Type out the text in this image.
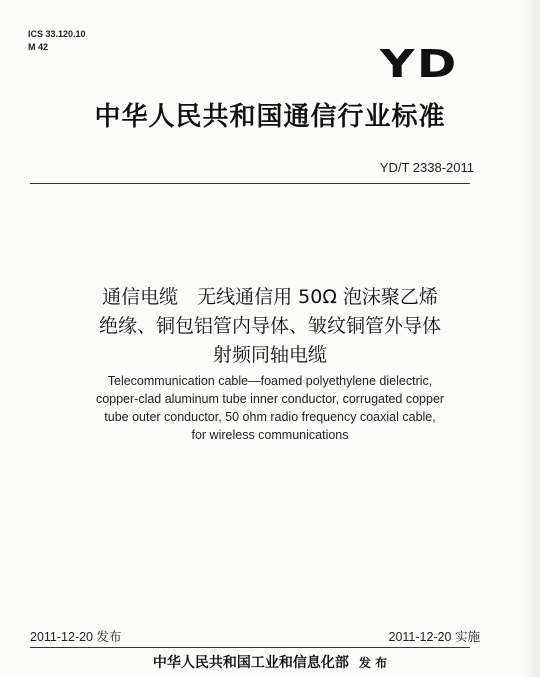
ICS 33.120.10
M 42	YD
中华人民共和国通信行业标准
YD/T 2338-2011
通信电缆　无线通信用 50Ω 泡沫聚乙烯
绝缘、铜包铝管内导体、皱纹铜管外导体
射频同轴电缆
Telecommunication cable—foamed polyethylene dielectric,
copper-clad aluminum tube inner conductor, corrugated copper
tube outer conductor, 50 ohm radio frequency coaxial cable,
for wireless communications
2011-12-20 发布	2011-12-20 实施
中华人民共和国工业和信息化部 发 布
